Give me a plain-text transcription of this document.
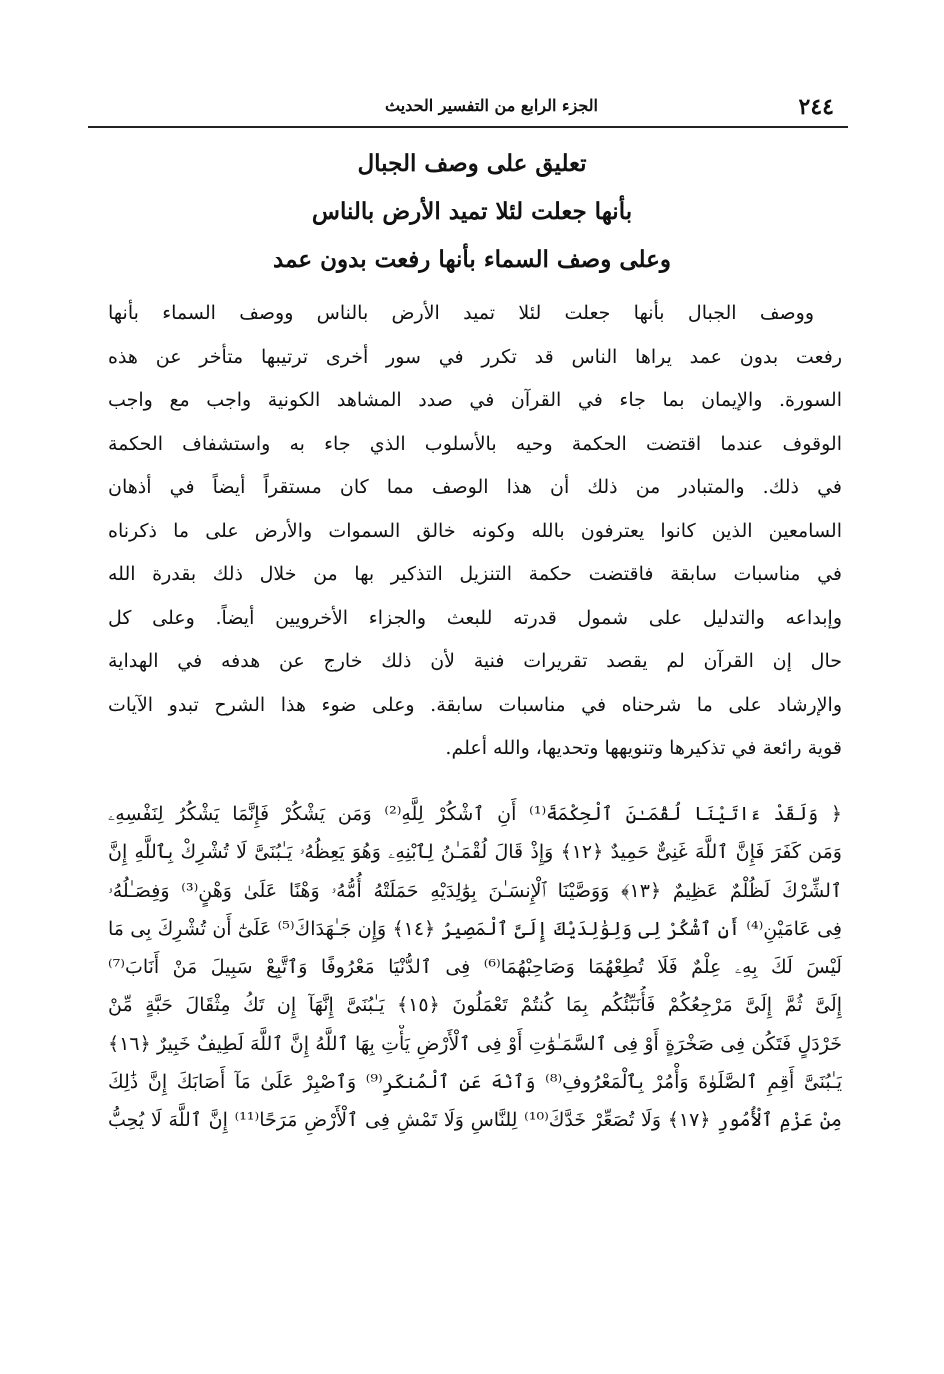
٢٤٤
الجزء الرابع من التفسير الحديث
تعليق على وصف الجبال
بأنها جعلت لئلا تميد الأرض بالناس
وعلى وصف السماء بأنها رفعت بدون عمد
ووصف الجبال بأنها جعلت لئلا تميد الأرض بالناس ووصف السماء بأنها
رفعت بدون عمد يراها الناس قد تكرر في سور أخرى ترتيبها متأخر عن هذه
السورة. والإيمان بما جاء في القرآن في صدد المشاهد الكونية واجب مع واجب
الوقوف عندما اقتضت الحكمة وحيه بالأسلوب الذي جاء به واستشفاف الحكمة
في ذلك. والمتبادر من ذلك أن هذا الوصف مما كان مستقراً أيضاً في أذهان
السامعين الذين كانوا يعترفون بالله وكونه خالق السموات والأرض على ما ذكرناه
في مناسبات سابقة فاقتضت حكمة التنزيل التذكير بها من خلال ذلك بقدرة الله
وإبداعه والتدليل على شمول قدرته للبعث والجزاء الأخرويين أيضاً. وعلى كل
حال إن القرآن لم يقصد تقريرات فنية لأن ذلك خارج عن هدفه في الهداية
والإرشاد على ما شرحناه في مناسبات سابقة. وعلى ضوء هذا الشرح تبدو الآيات
قوية رائعة في تذكيرها وتنويهها وتحديها، والله أعلم.
﴿ وَلَقَدْ ءَاتَيْنَا لُقْمَـٰنَ ٱلْحِكْمَةَ⁽¹⁾ أَنِ ٱشْكُرْ لِلَّهِ⁽²⁾ وَمَن يَشْكُرْ فَإِنَّمَا يَشْكُرُ لِنَفْسِهِۦ
وَمَن كَفَرَ فَإِنَّ ٱللَّهَ غَنِىٌّ حَمِيدٌ ﴿١٢﴾ وَإِذْ قَالَ لُقْمَـٰنُ لِٱبْنِهِۦ وَهُوَ يَعِظُهُۥ يَـٰبُنَىَّ لَا تُشْرِكْ بِٱللَّهِ إِنَّ
ٱلشِّرْكَ لَظُلْمٌ عَظِيمٌ ﴿١٣﴾ وَوَصَّيْنَا ٱلْإِنسَـٰنَ بِوَٰلِدَيْهِ حَمَلَتْهُ أُمُّهُۥ وَهْنًا عَلَىٰ وَهْنٍ⁽³⁾ وَفِصَـٰلُهُۥ
فِى عَامَيْنِ⁽⁴⁾ أَنِ ٱشْكُرْ لِى وَلِوَٰلِدَيْكَ إِلَىَّ ٱلْمَصِيرُ ﴿١٤﴾ وَإِن جَـٰهَدَاكَ⁽⁵⁾ عَلَىٰٓ أَن تُشْرِكَ بِى مَا
لَيْسَ لَكَ بِهِۦ عِلْمٌ فَلَا تُطِعْهُمَا وَصَاحِبْهُمَا⁽⁶⁾ فِى ٱلدُّنْيَا مَعْرُوفًا وَٱتَّبِعْ سَبِيلَ مَنْ أَنَابَ⁽⁷⁾
إِلَىَّ ثُمَّ إِلَىَّ مَرْجِعُكُمْ فَأُنَبِّئُكُم بِمَا كُنتُمْ تَعْمَلُونَ ﴿١٥﴾ يَـٰبُنَىَّ إِنَّهَآ إِن تَكُ مِثْقَالَ حَبَّةٍ مِّنْ
خَرْدَلٍ فَتَكُن فِى صَخْرَةٍ أَوْ فِى ٱلسَّمَـٰوَٰتِ أَوْ فِى ٱلْأَرْضِ يَأْتِ بِهَا ٱللَّهُ إِنَّ ٱللَّهَ لَطِيفٌ خَبِيرٌ ﴿١٦﴾
يَـٰبُنَىَّ أَقِمِ ٱلصَّلَوٰةَ وَأْمُرْ بِٱلْمَعْرُوفِ⁽⁸⁾ وَٱنْهَ عَنِ ٱلْمُنكَرِ⁽⁹⁾ وَٱصْبِرْ عَلَىٰ مَآ أَصَابَكَ إِنَّ ذَٰلِكَ
مِنْ عَزْمِ ٱلْأُمُورِ ﴿١٧﴾ وَلَا تُصَعِّرْ خَدَّكَ⁽¹⁰⁾ لِلنَّاسِ وَلَا تَمْشِ فِى ٱلْأَرْضِ مَرَحًا⁽¹¹⁾ إِنَّ ٱللَّهَ لَا يُحِبُّ
